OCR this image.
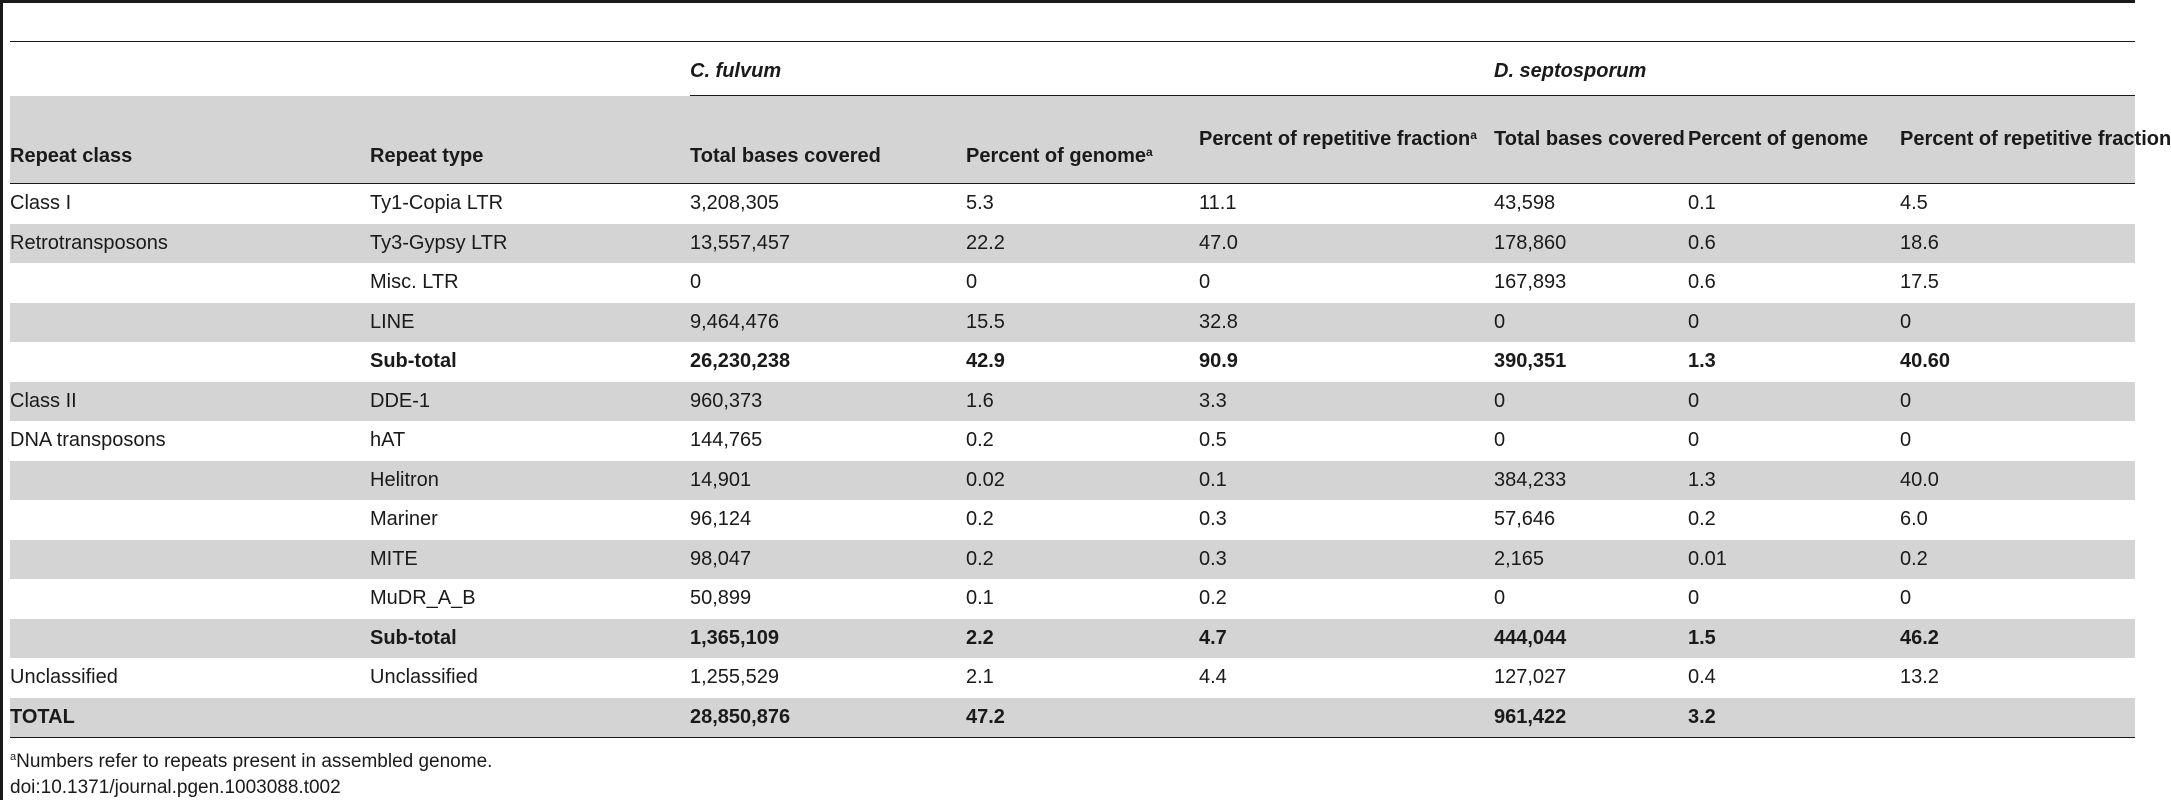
		C. fulvum			D. septosporum		
Repeat class	Repeat type	Total bases covered	Percent of genome$^a$	Percent of repetitive fraction$^a$	Total bases covered	Percent of genome	Percent of repetitive fraction
Class I	Ty1-Copia LTR	3,208,305	5.3	11.1	43,598	0.1	4.5
Retrotransposons	Ty3-Gypsy LTR	13,557,457	22.2	47.0	178,860	0.6	18.6
	Misc. LTR	0	0	0	167,893	0.6	17.5
	LINE	9,464,476	15.5	32.8	0	0	0
	Sub-total	26,230,238	42.9	90.9	390,351	1.3	40.60
Class II	DDE-1	960,373	1.6	3.3	0	0	0
DNA transposons	hAT	144,765	0.2	0.5	0	0	0
	Helitron	14,901	0.02	0.1	384,233	1.3	40.0
	Mariner	96,124	0.2	0.3	57,646	0.2	6.0
	MITE	98,047	0.2	0.3	2,165	0.01	0.2
	MuDR_A_B	50,899	0.1	0.2	0	0	0
	Sub-total	1,365,109	2.2	4.7	444,044	1.5	46.2
Unclassified	Unclassified	1,255,529	2.1	4.4	127,027	0.4	13.2
TOTAL		28,850,876	47.2		961,422	3.2	
$^a$Numbers refer to repeats present in assembled genome.
doi:10.1371/journal.pgen.1003088.t002
